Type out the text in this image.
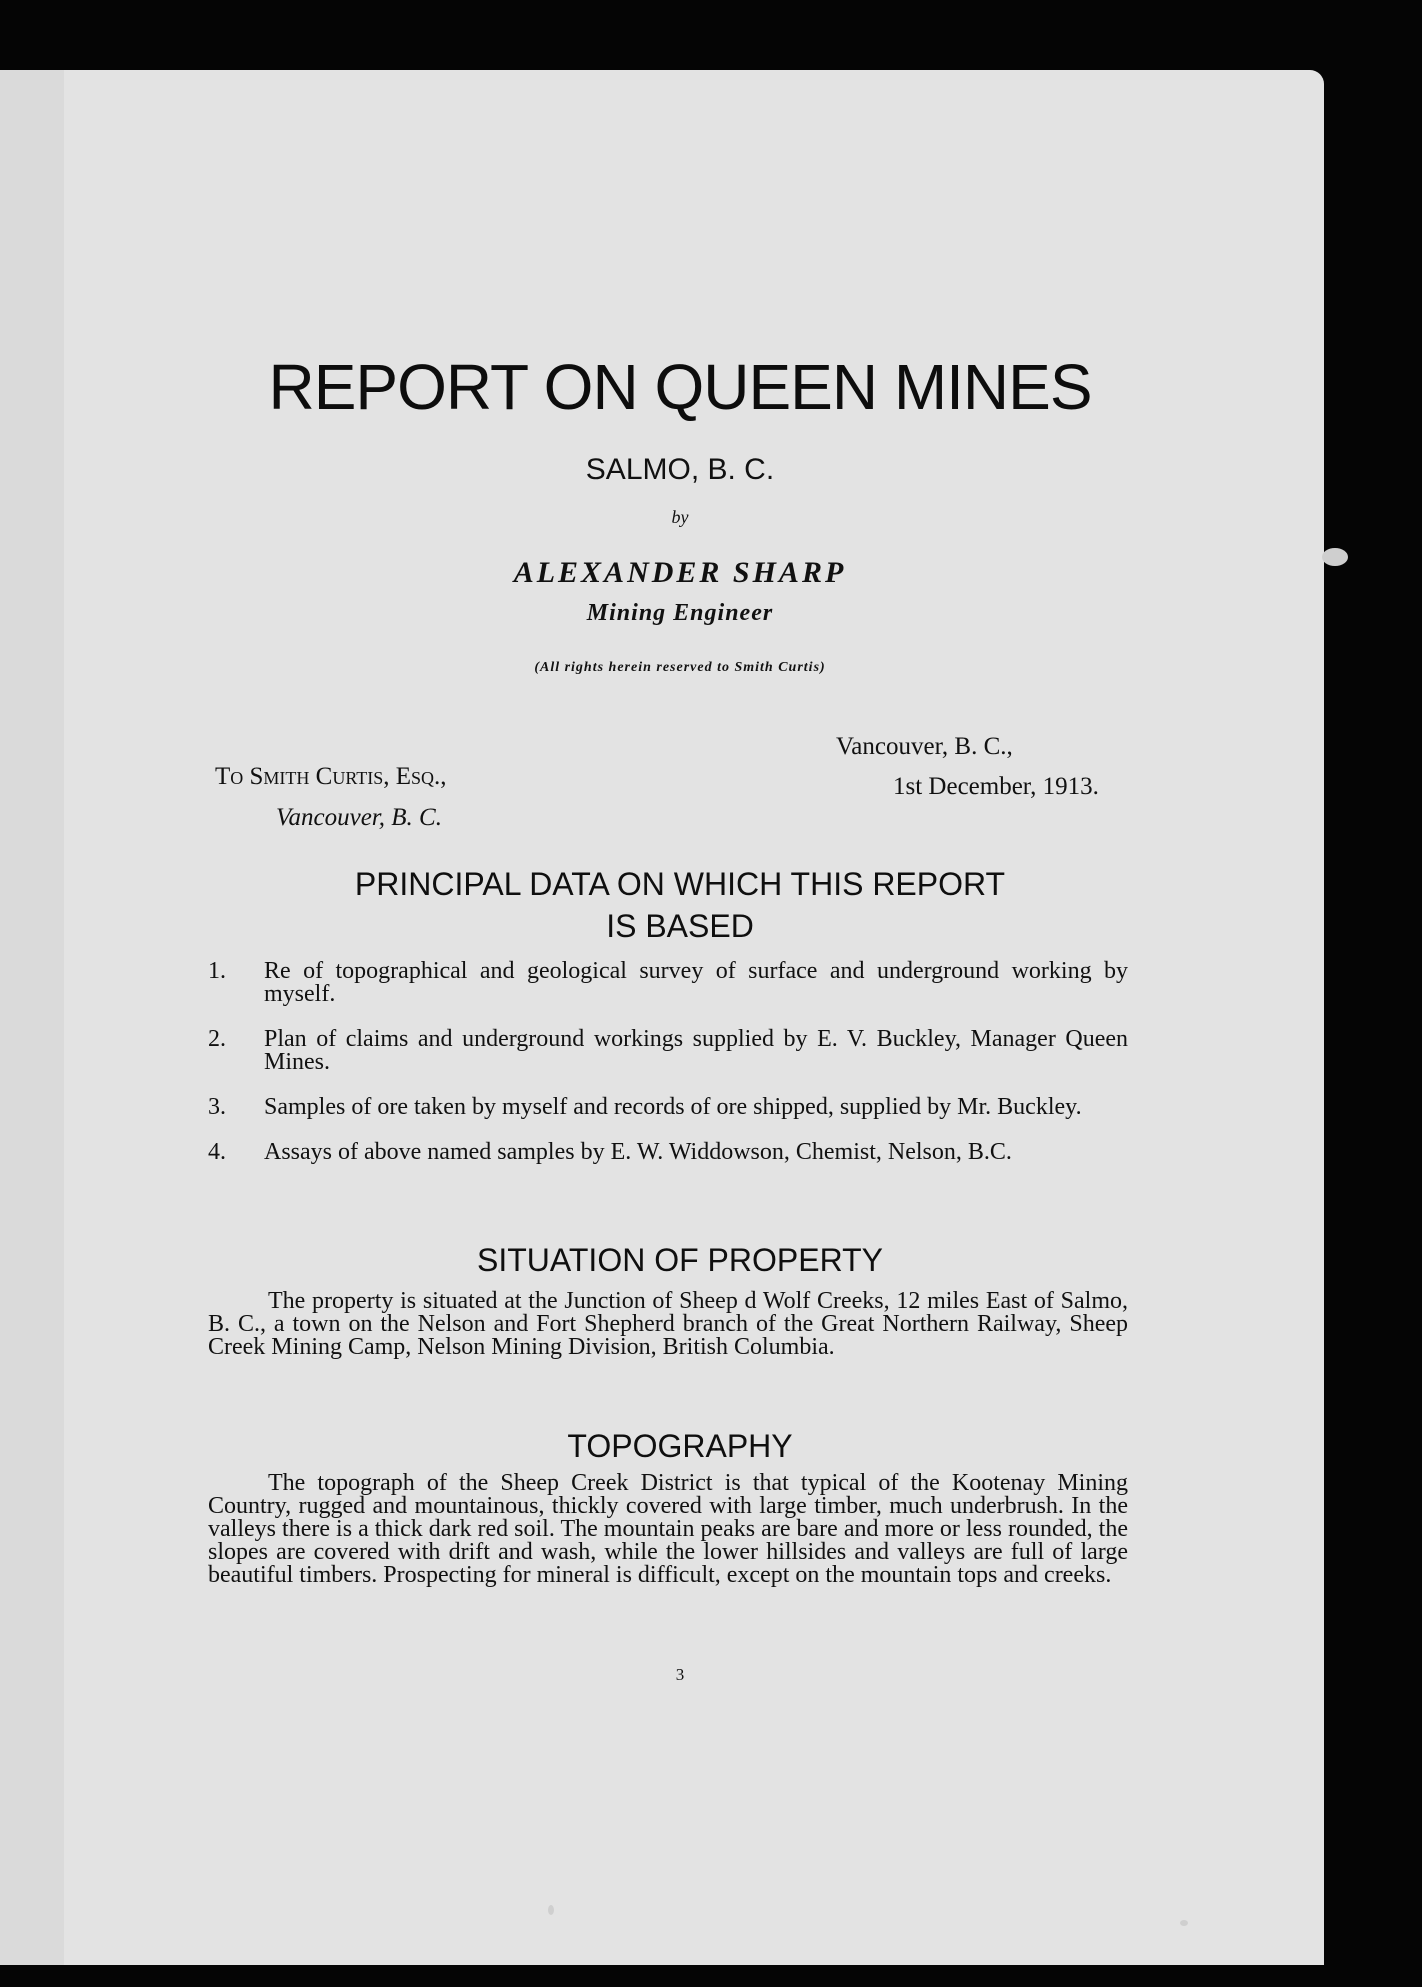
REPORT ON QUEEN MINES
SALMO, B. C.
by
ALEXANDER SHARP
Mining Engineer
(All rights herein reserved to Smith Curtis)
Vancouver, B. C.,
1st December, 1913.
To Smith Curtis, Esq.,
Vancouver, B. C.
PRINCIPAL DATA ON WHICH THIS REPORT
IS BASED
1.	Re of topographical and geological survey of surface and underground working by myself.
2.	Plan of claims and underground workings supplied by E. V. Buckley, Manager Queen Mines.
3.	Samples of ore taken by myself and records of ore shipped, supplied by Mr. Buckley.
4.	Assays of above named samples by E. W. Widdowson, Chemist, Nelson, B.C.
SITUATION OF PROPERTY
The property is situated at the Junction of Sheep d Wolf Creeks, 12 miles East of Salmo, B. C., a town on the Nelson and Fort Shepherd branch of the Great Northern Railway, Sheep Creek Mining Camp, Nelson Mining Division, British Columbia.
TOPOGRAPHY
The topograph of the Sheep Creek District is that typical of the Kootenay Mining Country, rugged and mountainous, thickly covered with large timber, much underbrush. In the valleys there is a thick dark red soil. The mountain peaks are bare and more or less rounded, the slopes are covered with drift and wash, while the lower hillsides and valleys are full of large beautiful timbers. Prospecting for mineral is difficult, except on the mountain tops and creeks.
3
